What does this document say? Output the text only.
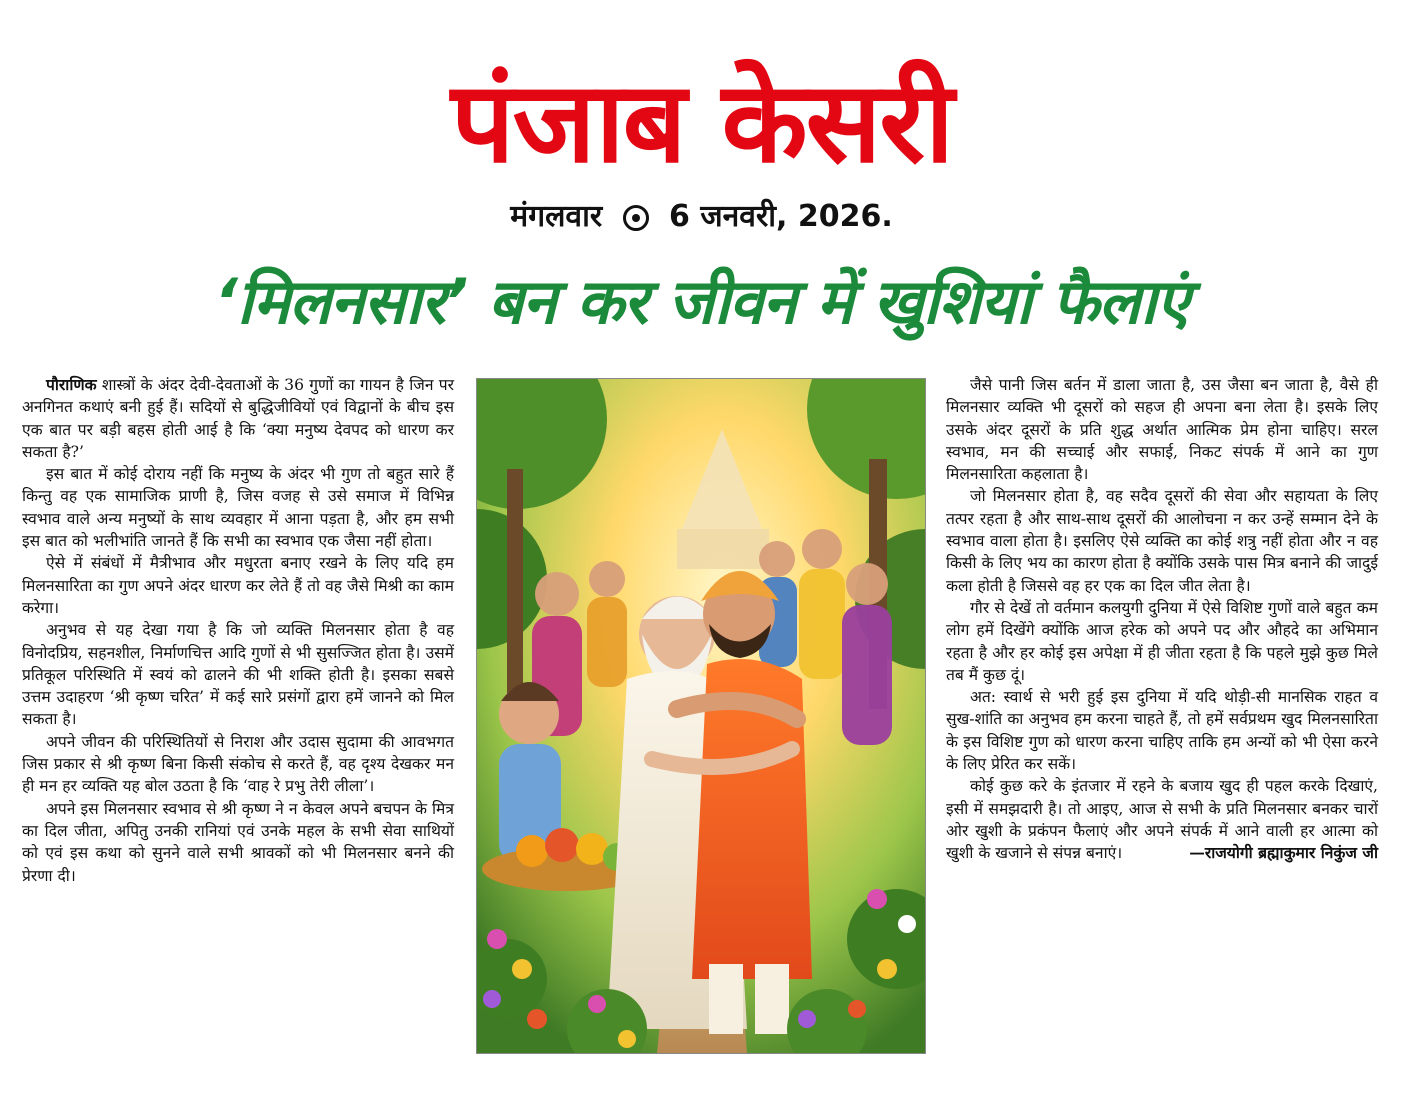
पंजाब केसरी
मंगलवार 6 जनवरी, 2026.
‘मिलनसार’ बन कर जीवन में खुशियां फैलाएं

पौराणिक शास्त्रों के अंदर देवी-देवताओं के 36 गुणों का गायन है जिन पर अनगिनत कथाएं बनी हुई हैं। सदियों से बुद्धिजीवियों एवं विद्वानों के बीच इस एक बात पर बड़ी बहस होती आई है कि ‘क्या मनुष्य देवपद को धारण कर सकता है?’

इस बात में कोई दोराय नहीं कि मनुष्य के अंदर भी गुण तो बहुत सारे हैं किन्तु वह एक सामाजिक प्राणी है, जिस वजह से उसे समाज में विभिन्न स्वभाव वाले अन्य मनुष्यों के साथ व्यवहार में आना पड़ता है, और हम सभी इस बात को भलीभांति जानते हैं कि सभी का स्वभाव एक जैसा नहीं होता।

ऐसे में संबंधों में मैत्रीभाव और मधुरता बनाए रखने के लिए यदि हम मिलनसारिता का गुण अपने अंदर धारण कर लेते हैं तो वह जैसे मिश्री का काम करेगा।

अनुभव से यह देखा गया है कि जो व्यक्ति मिलनसार होता है वह विनोदप्रिय, सहनशील, निर्माणचित्त आदि गुणों से भी सुसज्जित होता है। उसमें प्रतिकूल परिस्थिति में स्वयं को ढालने की भी शक्ति होती है। इसका सबसे उत्तम उदाहरण ‘श्री कृष्ण चरित’ में कई सारे प्रसंगों द्वारा हमें जानने को मिल सकता है।

अपने जीवन की परिस्थितियों से निराश और उदास सुदामा की आवभगत जिस प्रकार से श्री कृष्ण बिना किसी संकोच से करते हैं, वह दृश्य देखकर मन ही मन हर व्यक्ति यह बोल उठता है कि ‘वाह रे प्रभु तेरी लीला’।

अपने इस मिलनसार स्वभाव से श्री कृष्ण ने न केवल अपने बचपन के मित्र का दिल जीता, अपितु उनकी रानियां एवं उनके महल के सभी सेवा साथियों को एवं इस कथा को सुनने वाले सभी श्रावकों को भी मिलनसार बनने की प्रेरणा दी।

जैसे पानी जिस बर्तन में डाला जाता है, उस जैसा बन जाता है, वैसे ही मिलनसार व्यक्ति भी दूसरों को सहज ही अपना बना लेता है। इसके लिए उसके अंदर दूसरों के प्रति शुद्ध अर्थात आत्मिक प्रेम होना चाहिए। सरल स्वभाव, मन की सच्चाई और सफाई, निकट संपर्क में आने का गुण मिलनसारिता कहलाता है।

जो मिलनसार होता है, वह सदैव दूसरों की सेवा और सहायता के लिए तत्पर रहता है और साथ-साथ दूसरों की आलोचना न कर उन्हें सम्मान देने के स्वभाव वाला होता है। इसलिए ऐसे व्यक्ति का कोई शत्रु नहीं होता और न वह किसी के लिए भय का कारण होता है क्योंकि उसके पास मित्र बनाने की जादुई कला होती है जिससे वह हर एक का दिल जीत लेता है।

गौर से देखें तो वर्तमान कलयुगी दुनिया में ऐसे विशिष्ट गुणों वाले बहुत कम लोग हमें दिखेंगे क्योंकि आज हरेक को अपने पद और औहदे का अभिमान रहता है और हर कोई इस अपेक्षा में ही जीता रहता है कि पहले मुझे कुछ मिले तब मैं कुछ दूं।

अत: स्वार्थ से भरी हुई इस दुनिया में यदि थोड़ी-सी मानसिक राहत व सुख-शांति का अनुभव हम करना चाहते हैं, तो हमें सर्वप्रथम खुद मिलनसारिता के इस विशिष्ट गुण को धारण करना चाहिए ताकि हम अन्यों को भी ऐसा करने के लिए प्रेरित कर सकें।

कोई कुछ करे के इंतजार में रहने के बजाय खुद ही पहल करके दिखाएं, इसी में समझदारी है। तो आइए, आज से सभी के प्रति मिलनसार बनकर चारों ओर खुशी के प्रकंपन फैलाएं और अपने संपर्क में आने वाली हर आत्मा को खुशी के खजाने से संपन्न बनाएं।	—राजयोगी ब्रह्माकुमार निकुंज जी
